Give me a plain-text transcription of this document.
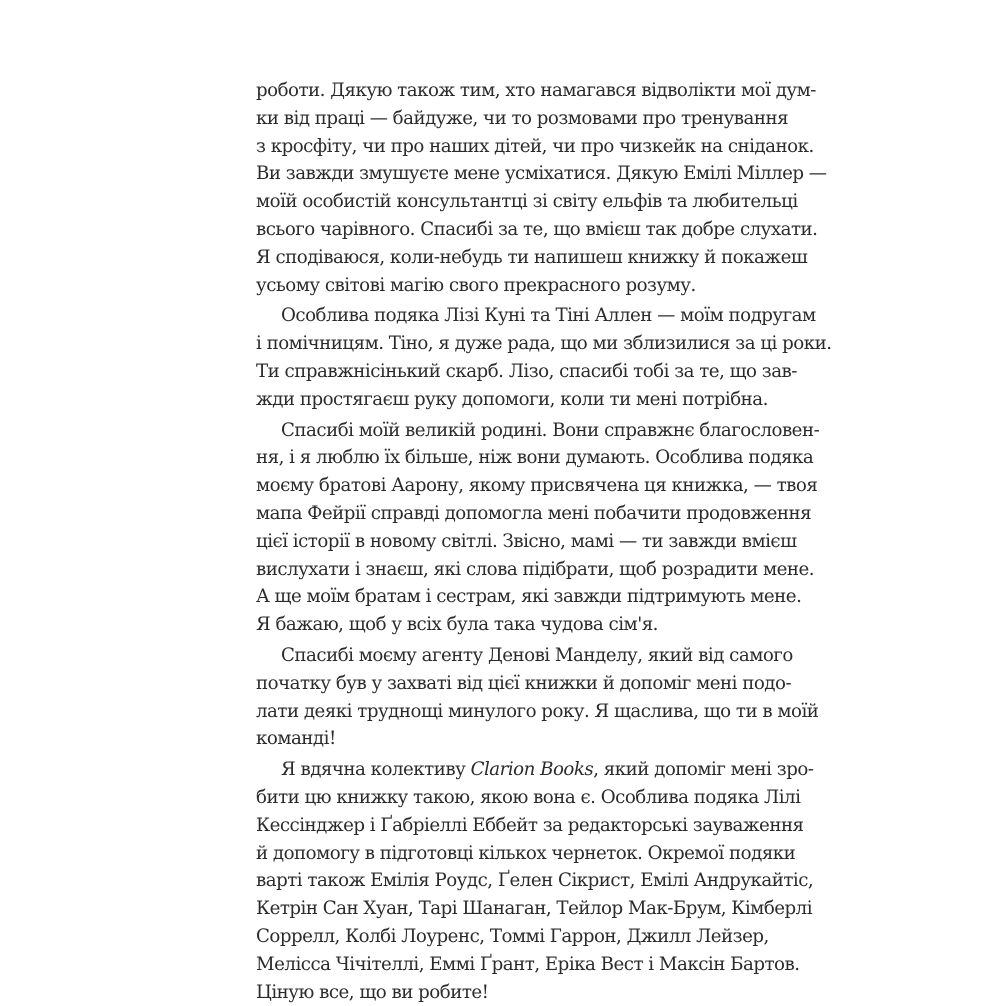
роботи. Дякую також тим, хто намагався відволікти мої дум-
ки від праці — байдуже, чи то розмовами про тренування
з кросфіту, чи про наших дітей, чи про чизкейк на сніданок.
Ви завжди змушуєте мене усміхатися. Дякую Емілі Міллер —
моїй особистій консультантці зі світу ельфів та любительці
всього чарівного. Спасибі за те, що вмієш так добре слухати.
Я сподіваюся, коли-небудь ти напишеш книжку й покажеш
усьому світові магію свого прекрасного розуму.
Особлива подяка Лізі Куні та Тіні Аллен — моїм подругам
і помічницям. Тіно, я дуже рада, що ми зблизилися за ці роки.
Ти справжнісінький скарб. Лізо, спасибі тобі за те, що зав-
жди простягаєш руку допомоги, коли ти мені потрібна.
Спасибі моїй великій родині. Вони справжнє благословен-
ня, і я люблю їх більше, ніж вони думають. Особлива подяка
моєму братові Аарону, якому присвячена ця книжка, — твоя
мапа Фейрії справді допомогла мені побачити продовження
цієї історії в новому світлі. Звісно, мамі — ти завжди вмієш
вислухати і знаєш, які слова підібрати, щоб розрадити мене.
А ще моїм братам і сестрам, які завжди підтримують мене.
Я бажаю, щоб у всіх була така чудова сім'я.
Спасибі моєму агенту Денові Манделу, який від самого
початку був у захваті від цієї книжки й допоміг мені подо-
лати деякі труднощі минулого року. Я щаслива, що ти в моїй
команді!
Я вдячна колективу Clarion Books, який допоміг мені зро-
бити цю книжку такою, якою вона є. Особлива подяка Лілі
Кессінджер і Ґабріеллі Еббейт за редакторські зауваження
й допомогу в підготовці кількох чернеток. Окремої подяки
варті також Емілія Роудс, Ґелен Сікрист, Емілі Андрукайтіс,
Кетрін Сан Хуан, Тарі Шанаган, Тейлор Мак-Брум, Кімберлі
Соррелл, Колбі Лоуренс, Томмі Гаррон, Джилл Лейзер,
Мелісса Чічітеллі, Еммі Ґрант, Еріка Вест і Максін Бартов.
Ціную все, що ви робите!
